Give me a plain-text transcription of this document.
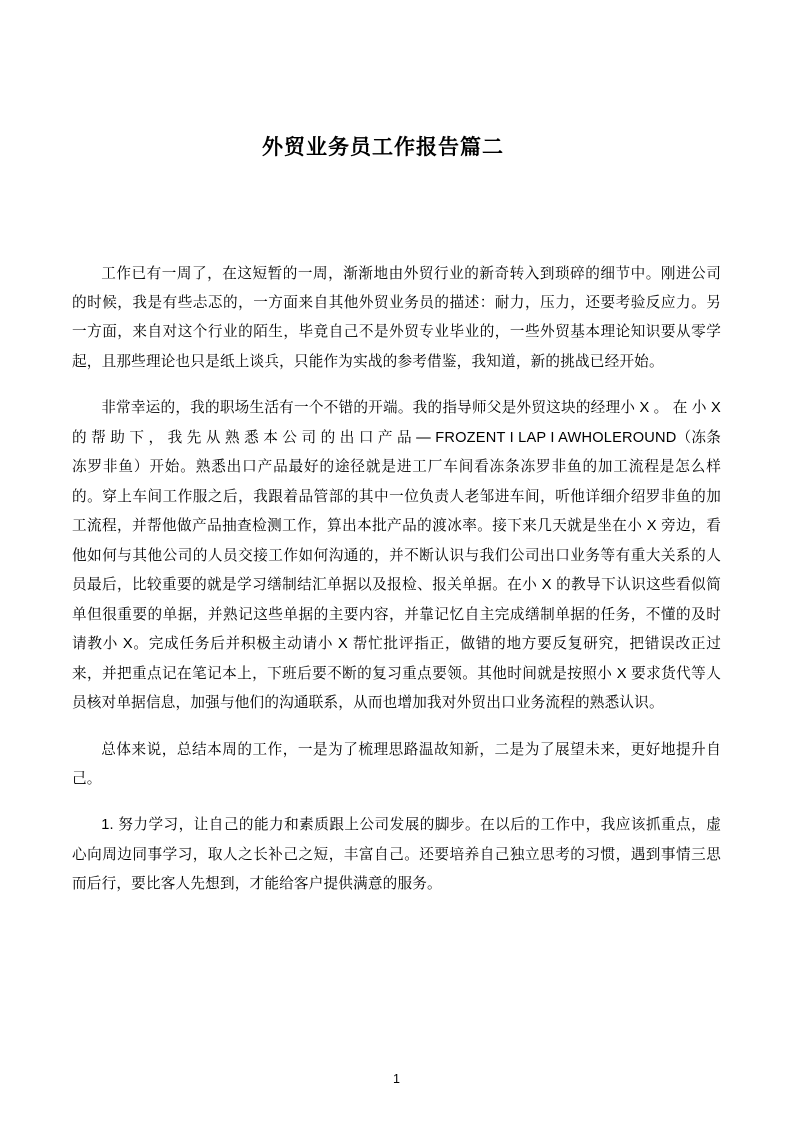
外贸业务员工作报告篇二

工作已有一周了，在这短暂的一周，渐渐地由外贸行业的新奇转入到琐碎的细节中。刚进公司的时候，我是有些忐忑的，一方面来自其他外贸业务员的描述：耐力，压力，还要考验反应力。另一方面，来自对这个行业的陌生，毕竟自己不是外贸专业毕业的，一些外贸基本理论知识要从零学起，且那些理论也只是纸上谈兵，只能作为实战的参考借鉴，我知道，新的挑战已经开始。

非常幸运的，我的职场生活有一个不错的开端。我的指导师父是外贸这块的经理小 X 。 在 小 X 的 帮 助 下 ， 我 先 从 熟 悉 本 公 司 的 出 口 产 品 — FROZENT I LAP I AWHOLEROUND（冻条冻罗非鱼）开始。熟悉出口产品最好的途径就是进工厂车间看冻条冻罗非鱼的加工流程是怎么样的。穿上车间工作服之后，我跟着品管部的其中一位负责人老邹进车间，听他详细介绍罗非鱼的加工流程，并帮他做产品抽查检测工作，算出本批产品的渡冰率。接下来几天就是坐在小 X 旁边，看他如何与其他公司的人员交接工作如何沟通的，并不断认识与我们公司出口业务等有重大关系的人员最后，比较重要的就是学习缮制结汇单据以及报检、报关单据。在小 X 的教导下认识这些看似简单但很重要的单据，并熟记这些单据的主要内容，并靠记忆自主完成缮制单据的任务，不懂的及时请教小 X。完成任务后并积极主动请小 X 帮忙批评指正，做错的地方要反复研究，把错误改正过来，并把重点记在笔记本上，下班后要不断的复习重点要领。其他时间就是按照小 X 要求货代等人员核对单据信息，加强与他们的沟通联系，从而也增加我对外贸出口业务流程的熟悉认识。

总体来说，总结本周的工作，一是为了梳理思路温故知新，二是为了展望未来，更好地提升自己。

1. 努力学习，让自己的能力和素质跟上公司发展的脚步。在以后的工作中，我应该抓重点，虚心向周边同事学习，取人之长补己之短，丰富自己。还要培养自己独立思考的习惯，遇到事情三思而后行，要比客人先想到，才能给客户提供满意的服务。

1
